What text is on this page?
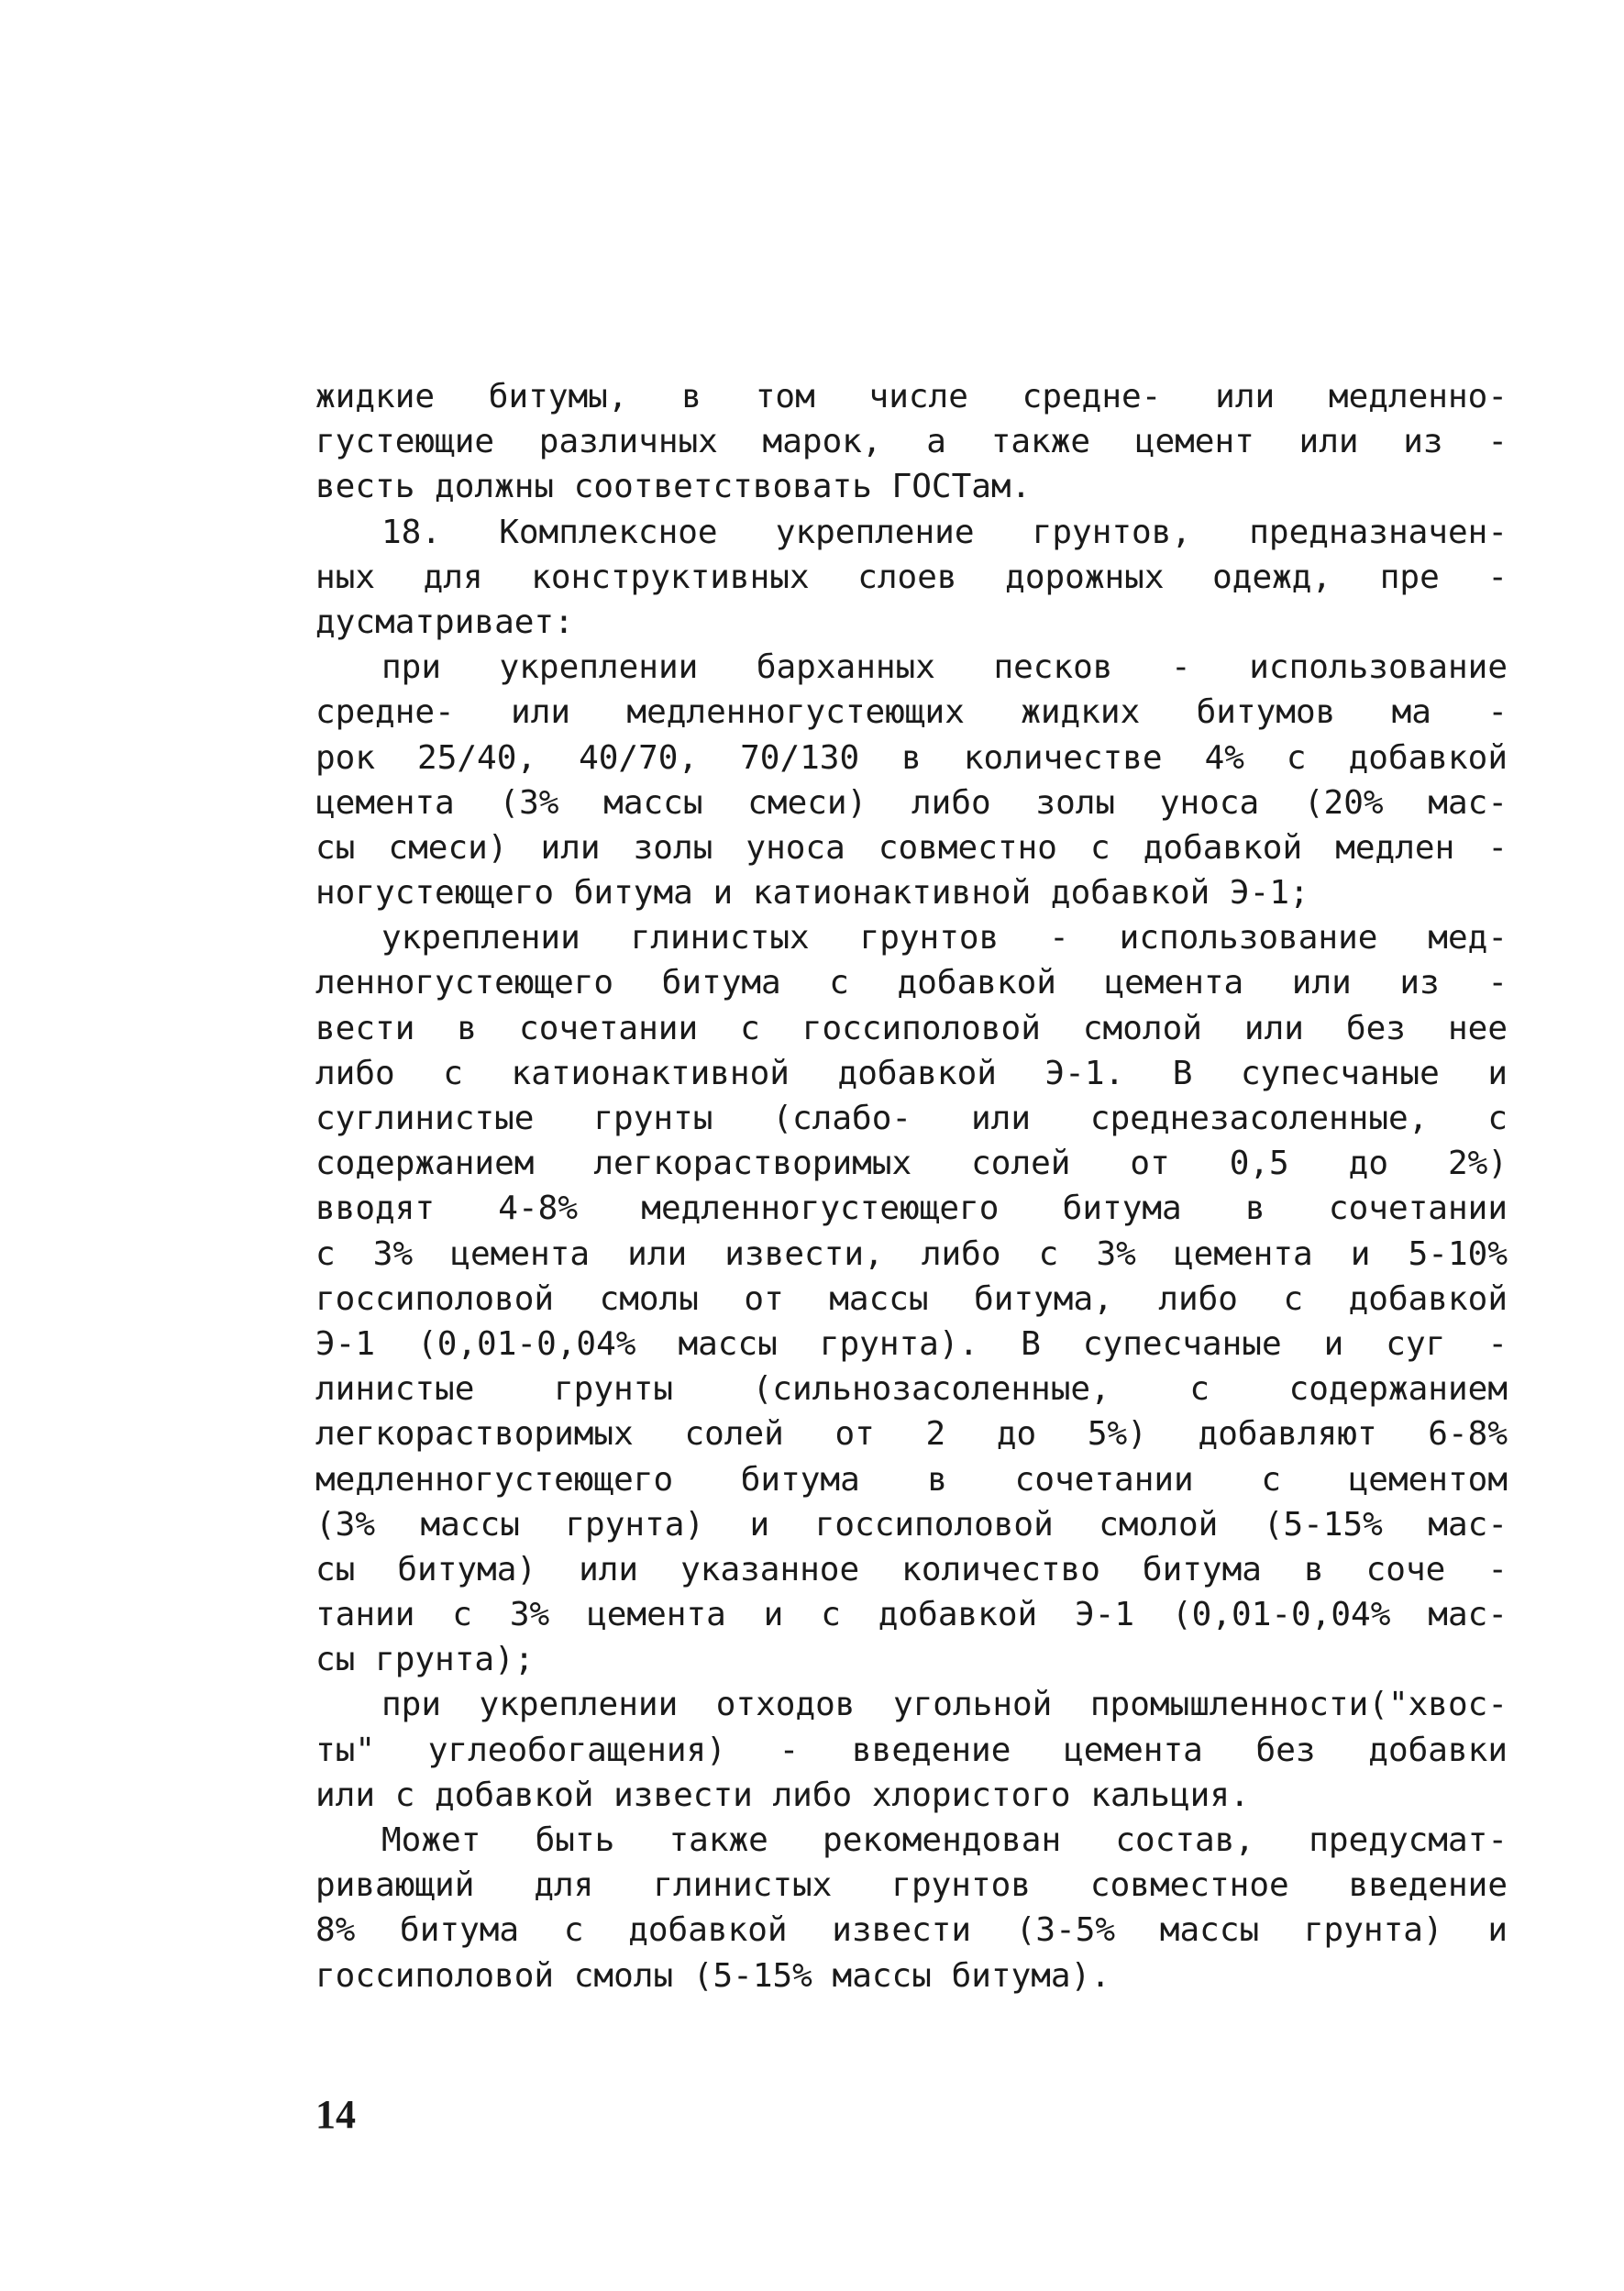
жидкие битумы, в том числе средне- или медленно-
густеющие различных марок, а также цемент или из -
весть должны соответствовать ГОСТам.
18. Комплексное укрепление грунтов, предназначен-
ных для конструктивных слоев дорожных одежд, пре -
дусматривает:
при укреплении барханных песков - использование
средне- или медленногустеющих жидких битумов ма -
рок 25/40, 40/70, 70/130 в количестве 4% с добавкой
цемента (3% массы смеси) либо золы уноса (20% мас-
сы смеси) или золы уноса совместно с добавкой медлен -
ногустеющего битума и катионактивной добавкой Э-1;
укреплении глинистых грунтов - использование мед-
ленногустеющего битума с добавкой цемента или из -
вести в сочетании с госсиполовой смолой или без нее
либо с катионактивной добавкой Э-1. В супесчаные и
суглинистые грунты (слабо- или среднезасоленные, с
содержанием легкорастворимых солей от 0,5 до 2%)
вводят 4-8% медленногустеющего битума в сочетании
с 3% цемента или извести, либо с 3% цемента и 5-10%
госсиполовой смолы от массы битума, либо с добавкой
Э-1 (0,01-0,04% массы грунта). В супесчаные и суг -
линистые грунты (сильнозасоленные, с содержанием
легкорастворимых солей от 2 до 5%) добавляют 6-8%
медленногустеющего битума в сочетании с цементом
(3% массы грунта) и госсиполовой смолой (5-15% мас-
сы битума) или указанное количество битума в соче -
тании с 3% цемента и с добавкой Э-1 (0,01-0,04% мас-
сы грунта);
при укреплении отходов угольной промышленности("хвос-
ты" углеобогащения) - введение цемента без добавки
или с добавкой извести либо хлористого кальция.
Может быть также рекомендован состав, предусмат-
ривающий для глинистых грунтов совместное введение
8% битума с добавкой извести (3-5% массы грунта) и
госсиполовой смолы (5-15% массы битума).
14
